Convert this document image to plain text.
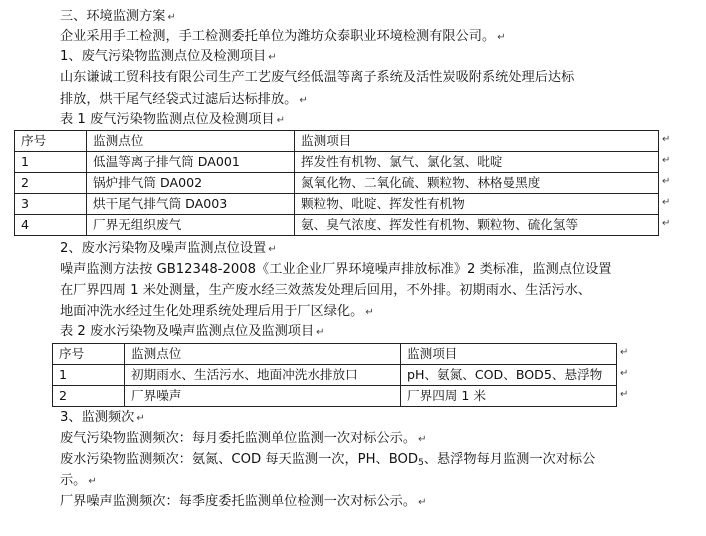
三、环境监测方案 ↵
企业采用手工检测，手工检测委托单位为潍坊众泰职业环境检测有限公司。 ↵
1、废气污染物监测点位及检测项目 ↵
山东谦诚工贸科技有限公司生产工艺废气经低温等离子系统及活性炭吸附系统处理后达标
排放，烘干尾气经袋式过滤后达标排放。 ↵
表 1 废气污染物监测点位及检测项目 ↵
序号	监测点位	监测项目
1	低温等离子排气筒 DA001	挥发性有机物、氯气、氯化氢、吡啶
2	锅炉排气筒 DA002	氮氧化物、二氧化硫、颗粒物、林格曼黑度
3	烘干尾气排气筒 DA003	颗粒物、吡啶、挥发性有机物
4	厂界无组织废气	氨、臭气浓度、挥发性有机物、颗粒物、硫化氢等
↵
↵
↵
↵
↵
2、废水污染物及噪声监测点位设置 ↵
噪声监测方法按 GB12348-2008《工业企业厂界环境噪声排放标准》2 类标准，监测点位设置
在厂界四周 1 米处测量，生产废水经三效蒸发处理后回用，不外排。初期雨水、生活污水、
地面冲洗水经过生化处理系统处理后用于厂区绿化。 ↵
表 2 废水污染物及噪声监测点位及监测项目 ↵
序号	监测点位	监测项目
1	初期雨水、生活污水、地面冲洗水排放口	pH、氨氮、COD、BOD5、悬浮物
2	厂界噪声	厂界四周 1 米
↵
↵
↵
3、监测频次 ↵
废气污染物监测频次：每月委托监测单位监测一次对标公示。 ↵
废水污染物监测频次：氨氮、COD 每天监测一次，PH、$BOD_5$、悬浮物每月监测一次对标公
示。 ↵
厂界噪声监测频次：每季度委托监测单位检测一次对标公示。 ↵
